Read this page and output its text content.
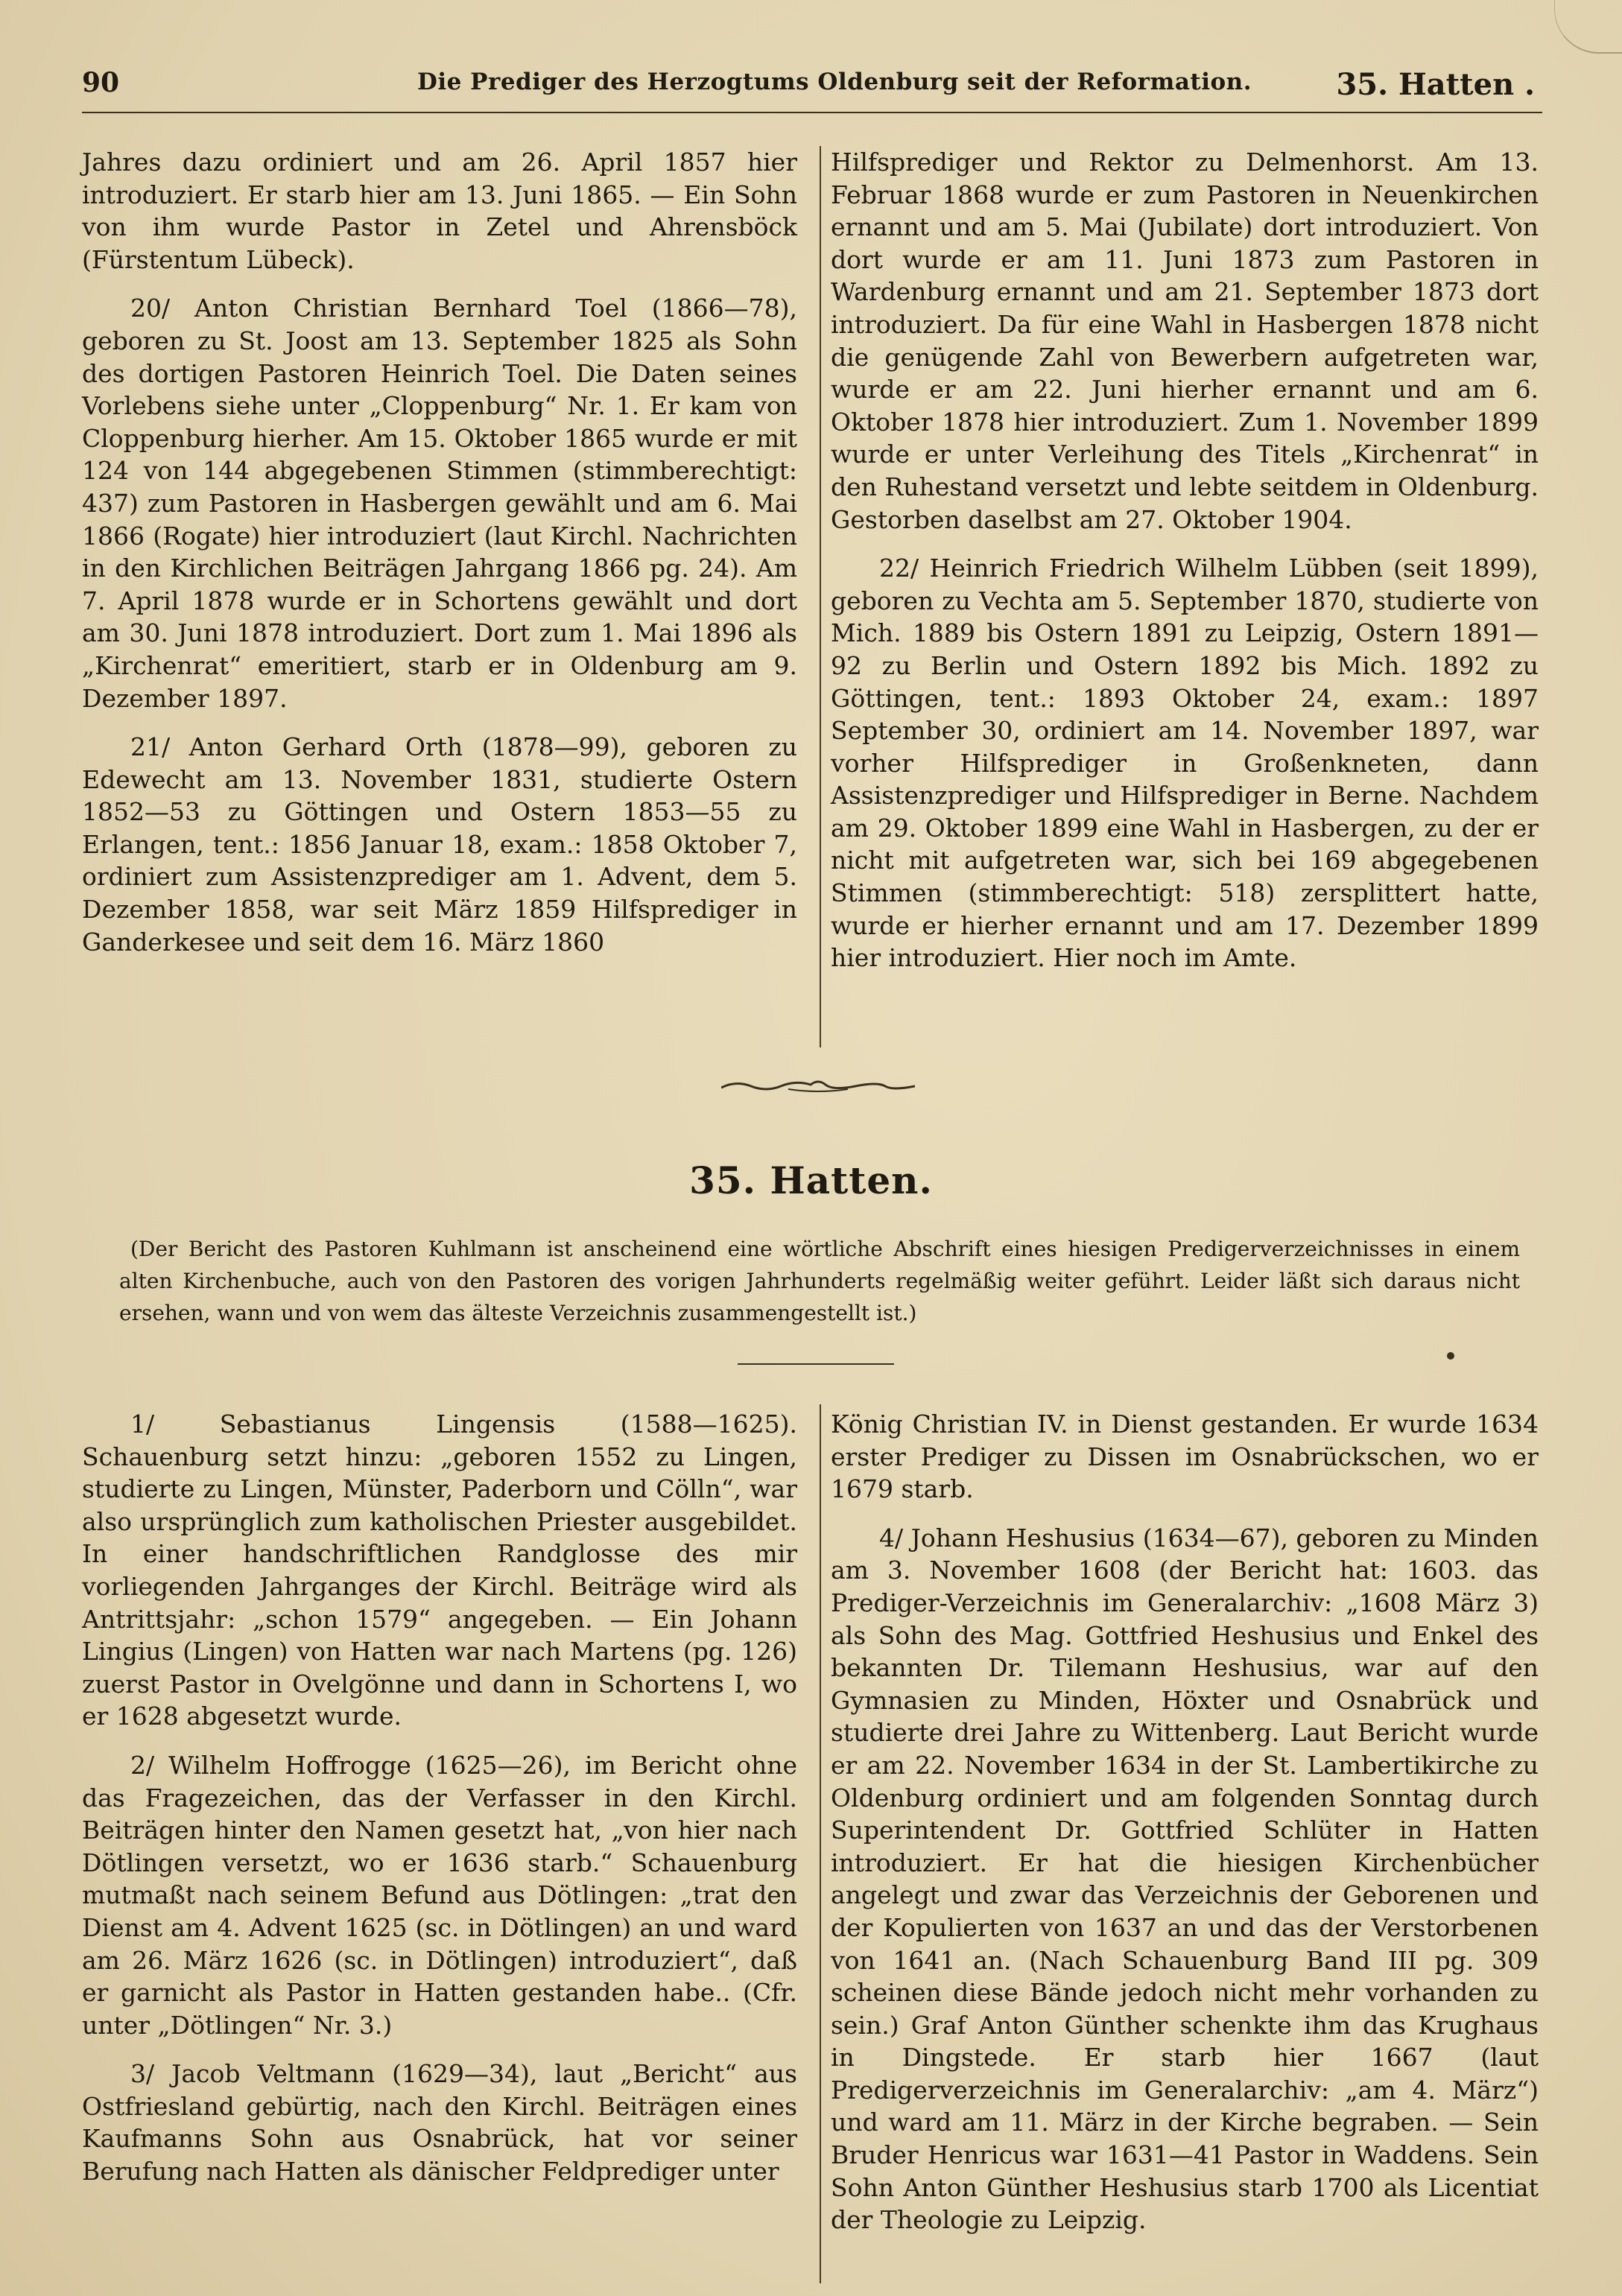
90	Die Prediger des Herzogtums Oldenburg seit der Reformation.	35. Hatten .

Jahres dazu ordiniert und am 26. April 1857 hier introduziert. Er starb hier am 13. Juni 1865. — Ein Sohn von ihm wurde Pastor in Zetel und Ahrensböck (Fürstentum Lübeck).

20/ Anton Christian Bernhard Toel (1866—78), geboren zu St. Joost am 13. September 1825 als Sohn des dortigen Pastoren Heinrich Toel. Die Daten seines Vorlebens siehe unter „Cloppenburg“ Nr. 1. Er kam von Cloppenburg hierher. Am 15. Oktober 1865 wurde er mit 124 von 144 abgegebenen Stimmen (stimmberechtigt: 437) zum Pastoren in Hasbergen gewählt und am 6. Mai 1866 (Rogate) hier introduziert (laut Kirchl. Nachrichten in den Kirchlichen Beiträgen Jahrgang 1866 pg. 24). Am 7. April 1878 wurde er in Schortens gewählt und dort am 30. Juni 1878 introduziert. Dort zum 1. Mai 1896 als „Kirchenrat“ emeritiert, starb er in Oldenburg am 9. Dezember 1897.

21/ Anton Gerhard Orth (1878—99), geboren zu Edewecht am 13. November 1831, studierte Ostern 1852—53 zu Göttingen und Ostern 1853—55 zu Erlangen, tent.: 1856 Januar 18, exam.: 1858 Oktober 7, ordiniert zum Assistenzprediger am 1. Advent, dem 5. Dezember 1858, war seit März 1859 Hilfsprediger in Ganderkesee und seit dem 16. März 1860

Hilfsprediger und Rektor zu Delmenhorst. Am 13. Februar 1868 wurde er zum Pastoren in Neuenkirchen ernannt und am 5. Mai (Jubilate) dort introduziert. Von dort wurde er am 11. Juni 1873 zum Pastoren in Wardenburg ernannt und am 21. September 1873 dort introduziert. Da für eine Wahl in Hasbergen 1878 nicht die genügende Zahl von Bewerbern aufgetreten war, wurde er am 22. Juni hierher ernannt und am 6. Oktober 1878 hier introduziert. Zum 1. November 1899 wurde er unter Verleihung des Titels „Kirchenrat“ in den Ruhestand versetzt und lebte seitdem in Oldenburg. Gestorben daselbst am 27. Oktober 1904.

22/ Heinrich Friedrich Wilhelm Lübben (seit 1899), geboren zu Vechta am 5. September 1870, studierte von Mich. 1889 bis Ostern 1891 zu Leipzig, Ostern 1891—92 zu Berlin und Ostern 1892 bis Mich. 1892 zu Göttingen, tent.: 1893 Oktober 24, exam.: 1897 September 30, ordiniert am 14. November 1897, war vorher Hilfsprediger in Großenkneten, dann Assistenzprediger und Hilfsprediger in Berne. Nachdem am 29. Oktober 1899 eine Wahl in Hasbergen, zu der er nicht mit aufgetreten war, sich bei 169 abgegebenen Stimmen (stimmberechtigt: 518) zersplittert hatte, wurde er hierher ernannt und am 17. Dezember 1899 hier introduziert. Hier noch im Amte.

35. Hatten.
(Der Bericht des Pastoren Kuhlmann ist anscheinend eine wörtliche Abschrift eines hiesigen Predigerverzeichnisses in einem alten Kirchenbuche, auch von den Pastoren des vorigen Jahrhunderts regelmäßig weiter geführt. Leider läßt sich daraus nicht ersehen, wann und von wem das älteste Verzeichnis zusammengestellt ist.)

1/ Sebastianus Lingensis (1588—1625). Schauenburg setzt hinzu: „geboren 1552 zu Lingen, studierte zu Lingen, Münster, Paderborn und Cölln“, war also ursprünglich zum katholischen Priester ausgebildet. In einer handschriftlichen Randglosse des mir vorliegenden Jahrganges der Kirchl. Beiträge wird als Antrittsjahr: „schon 1579“ angegeben. — Ein Johann Lingius (Lingen) von Hatten war nach Martens (pg. 126) zuerst Pastor in Ovelgönne und dann in Schortens I, wo er 1628 abgesetzt wurde.

2/ Wilhelm Hoffrogge (1625—26), im Bericht ohne das Fragezeichen, das der Verfasser in den Kirchl. Beiträgen hinter den Namen gesetzt hat, „von hier nach Dötlingen versetzt, wo er 1636 starb.“ Schauenburg mutmaßt nach seinem Befund aus Dötlingen: „trat den Dienst am 4. Advent 1625 (sc. in Dötlingen) an und ward am 26. März 1626 (sc. in Dötlingen) introduziert“, daß er garnicht als Pastor in Hatten gestanden habe.. (Cfr. unter „Dötlingen“ Nr. 3.)

3/ Jacob Veltmann (1629—34), laut „Bericht“ aus Ostfriesland gebürtig, nach den Kirchl. Beiträgen eines Kaufmanns Sohn aus Osnabrück, hat vor seiner Berufung nach Hatten als dänischer Feldprediger unter

König Christian IV. in Dienst gestanden. Er wurde 1634 erster Prediger zu Dissen im Osnabrückschen, wo er 1679 starb.

4/ Johann Heshusius (1634—67), geboren zu Minden am 3. November 1608 (der Bericht hat: 1603. das Prediger-Verzeichnis im Generalarchiv: „1608 März 3) als Sohn des Mag. Gottfried Heshusius und Enkel des bekannten Dr. Tilemann Heshusius, war auf den Gymnasien zu Minden, Höxter und Osnabrück und studierte drei Jahre zu Wittenberg. Laut Bericht wurde er am 22. November 1634 in der St. Lambertikirche zu Oldenburg ordiniert und am folgenden Sonntag durch Superintendent Dr. Gottfried Schlüter in Hatten introduziert. Er hat die hiesigen Kirchenbücher angelegt und zwar das Verzeichnis der Geborenen und der Kopulierten von 1637 an und das der Verstorbenen von 1641 an. (Nach Schauenburg Band III pg. 309 scheinen diese Bände jedoch nicht mehr vorhanden zu sein.) Graf Anton Günther schenkte ihm das Krughaus in Dingstede. Er starb hier 1667 (laut Predigerverzeichnis im Generalarchiv: „am 4. März“) und ward am 11. März in der Kirche begraben. — Sein Bruder Henricus war 1631—41 Pastor in Waddens. Sein Sohn Anton Günther Heshusius starb 1700 als Licentiat der Theologie zu Leipzig.
